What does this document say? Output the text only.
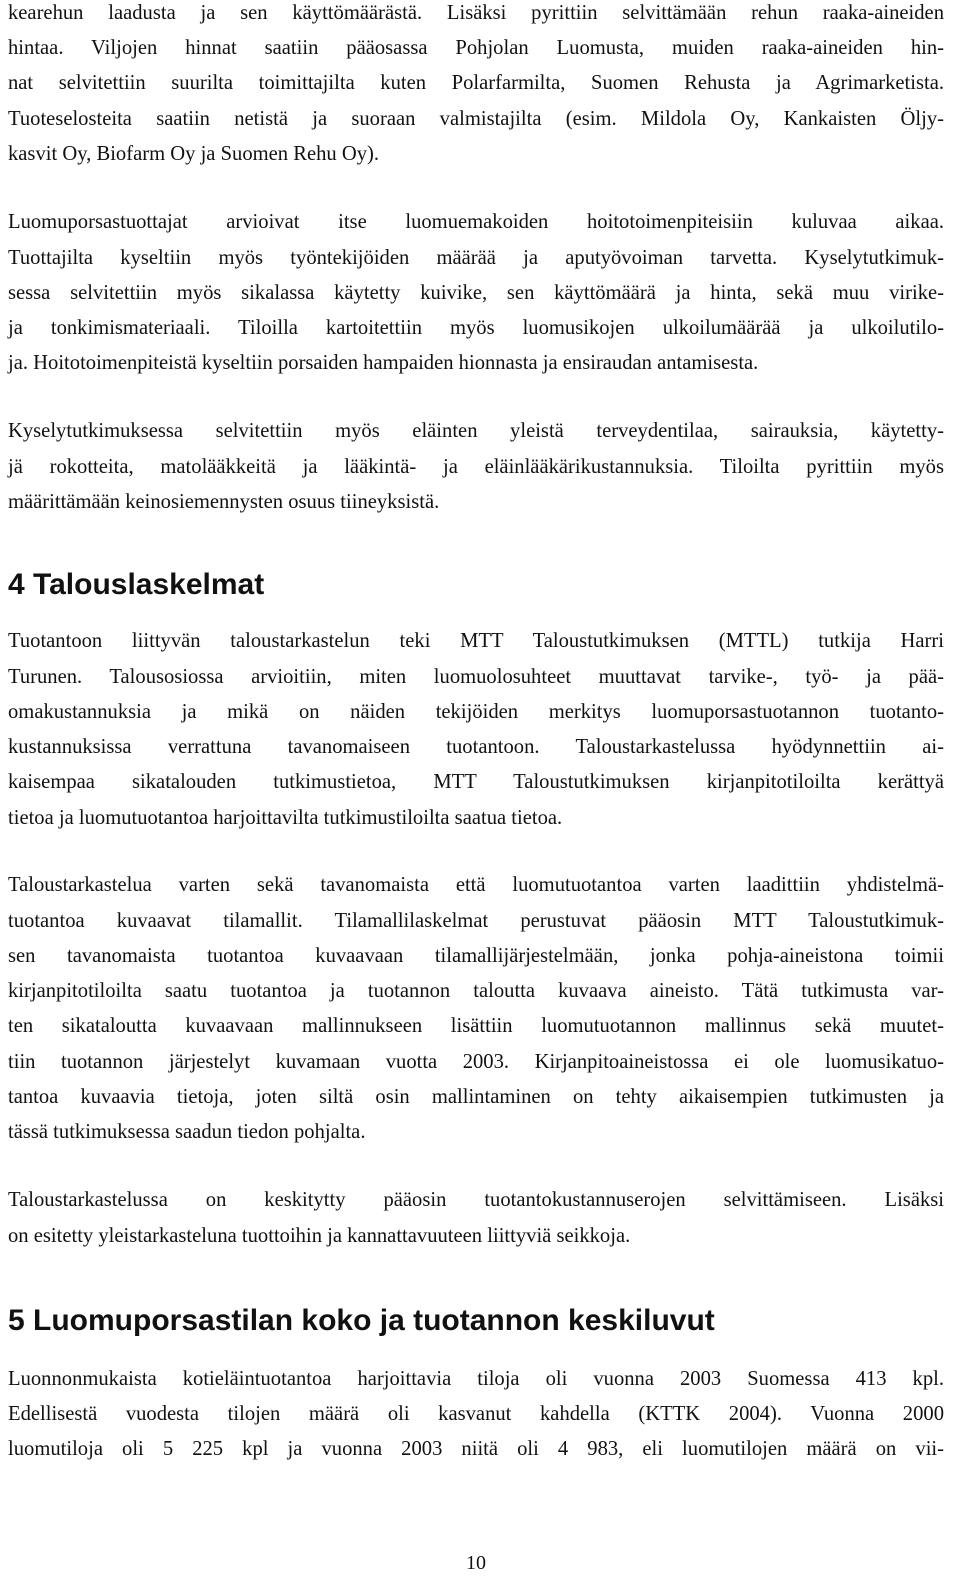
kearehun laadusta ja sen käyttömäärästä. Lisäksi pyrittiin selvittämään rehun raaka-aineiden
hintaa. Viljojen hinnat saatiin pääosassa Pohjolan Luomusta, muiden raaka-aineiden hin-
nat selvitettiin suurilta toimittajilta kuten Polarfarmilta, Suomen Rehusta ja Agrimarketista.
Tuoteselosteita saatiin netistä ja suoraan valmistajilta (esim. Mildola Oy, Kankaisten Öljy-
kasvit Oy, Biofarm Oy ja Suomen Rehu Oy).
Luomuporsastuottajat arvioivat itse luomuemakoiden hoitotoimenpiteisiin kuluvaa aikaa.
Tuottajilta kyseltiin myös työntekijöiden määrää ja aputyövoiman tarvetta. Kyselytutkimuk-
sessa selvitettiin myös sikalassa käytetty kuivike, sen käyttömäärä ja hinta, sekä muu virike-
ja tonkimismateriaali. Tiloilla kartoitettiin myös luomusikojen ulkoilumäärää ja ulkoilutilo-
ja. Hoitotoimenpiteistä kyseltiin porsaiden hampaiden hionnasta ja ensiraudan antamisesta.
Kyselytutkimuksessa selvitettiin myös eläinten yleistä terveydentilaa, sairauksia, käytetty-
jä rokotteita, matolääkkeitä ja lääkintä- ja eläinlääkärikustannuksia. Tiloilta pyrittiin myös
määrittämään keinosiemennysten osuus tiineyksistä.
4 Talouslaskelmat
Tuotantoon liittyvän taloustarkastelun teki MTT Taloustutkimuksen (MTTL) tutkija Harri
Turunen. Talousosiossa arvioitiin, miten luomuolosuhteet muuttavat tarvike-, työ- ja pää-
omakustannuksia ja mikä on näiden tekijöiden merkitys luomuporsastuotannon tuotanto-
kustannuksissa verrattuna tavanomaiseen tuotantoon. Taloustarkastelussa hyödynnettiin ai-
kaisempaa sikatalouden tutkimustietoa, MTT Taloustutkimuksen kirjanpitotiloilta kerättyä
tietoa ja luomutuotantoa harjoittavilta tutkimustiloilta saatua tietoa.
Taloustarkastelua varten sekä tavanomaista että luomutuotantoa varten laadittiin yhdistelmä-
tuotantoa kuvaavat tilamallit. Tilamallilaskelmat perustuvat pääosin MTT Taloustutkimuk-
sen tavanomaista tuotantoa kuvaavaan tilamallijärjestelmään, jonka pohja-aineistona toimii
kirjanpitotiloilta saatu tuotantoa ja tuotannon taloutta kuvaava aineisto. Tätä tutkimusta var-
ten sikataloutta kuvaavaan mallinnukseen lisättiin luomutuotannon mallinnus sekä muutet-
tiin tuotannon järjestelyt kuvamaan vuotta 2003. Kirjanpitoaineistossa ei ole luomusikatuo-
tantoa kuvaavia tietoja, joten siltä osin mallintaminen on tehty aikaisempien tutkimusten ja
tässä tutkimuksessa saadun tiedon pohjalta.
Taloustarkastelussa on keskitytty pääosin tuotantokustannuserojen selvittämiseen. Lisäksi
on esitetty yleistarkasteluna tuottoihin ja kannattavuuteen liittyviä seikkoja.
5 Luomuporsastilan koko ja tuotannon keskiluvut
Luonnonmukaista kotieläintuotantoa harjoittavia tiloja oli vuonna 2003 Suomessa 413 kpl.
Edellisestä vuodesta tilojen määrä oli kasvanut kahdella (KTTK 2004). Vuonna 2000
luomutiloja oli 5 225 kpl ja vuonna 2003 niitä oli 4 983, eli luomutilojen määrä on vii-
10
